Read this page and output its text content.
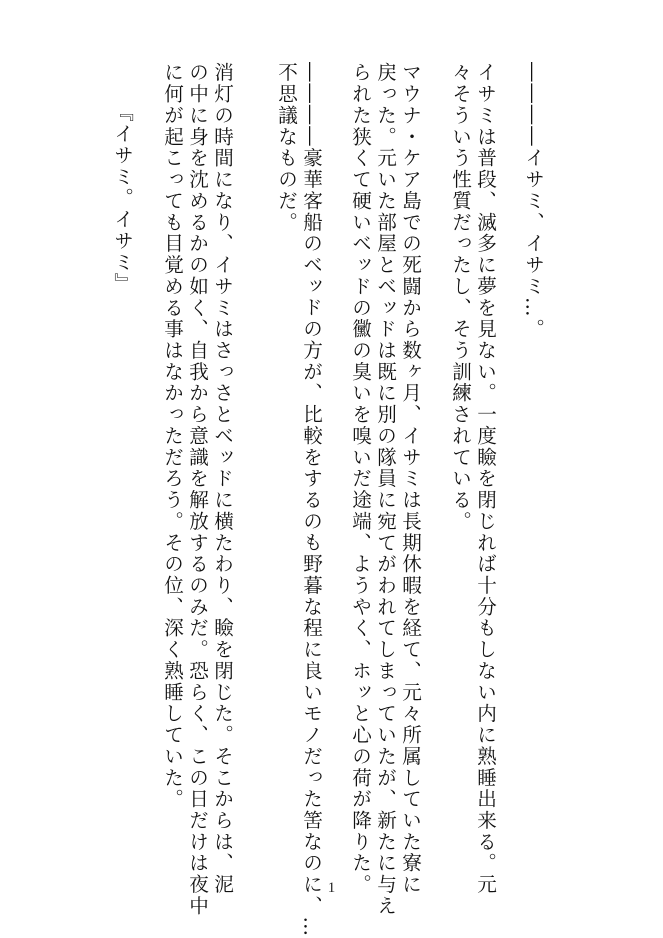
――――イサミ、イサミ…。
イサミは普段、滅多に夢を見ない。一度瞼を閉じれば十分もしない内に熟睡出来る。元
々そういう性質だったし、そう訓練されている。
マウナ・ケア島での死闘から数ヶ月、イサミは長期休暇を経て、元々所属していた寮に
戻った。元いた部屋とベッドは既に別の隊員に宛てがわれてしまっていたが、新たに与え
られた狭くて硬いベッドの黴の臭いを嗅いだ途端、ようやく、ホッと心の荷が降りた。
――――豪華客船のベッドの方が、比較をするのも野暮な程に良いモノだった筈なのに、…
不思議なものだ。
消灯の時間になり、イサミはさっさとベッドに横たわり、瞼を閉じた。そこからは、泥
の中に身を沈めるかの如く、自我から意識を解放するのみだ。恐らく、この日だけは夜中
に何が起こっても目覚める事はなかっただろう。その位、深く熟睡していた。
『イサミ。イサミ』
1
